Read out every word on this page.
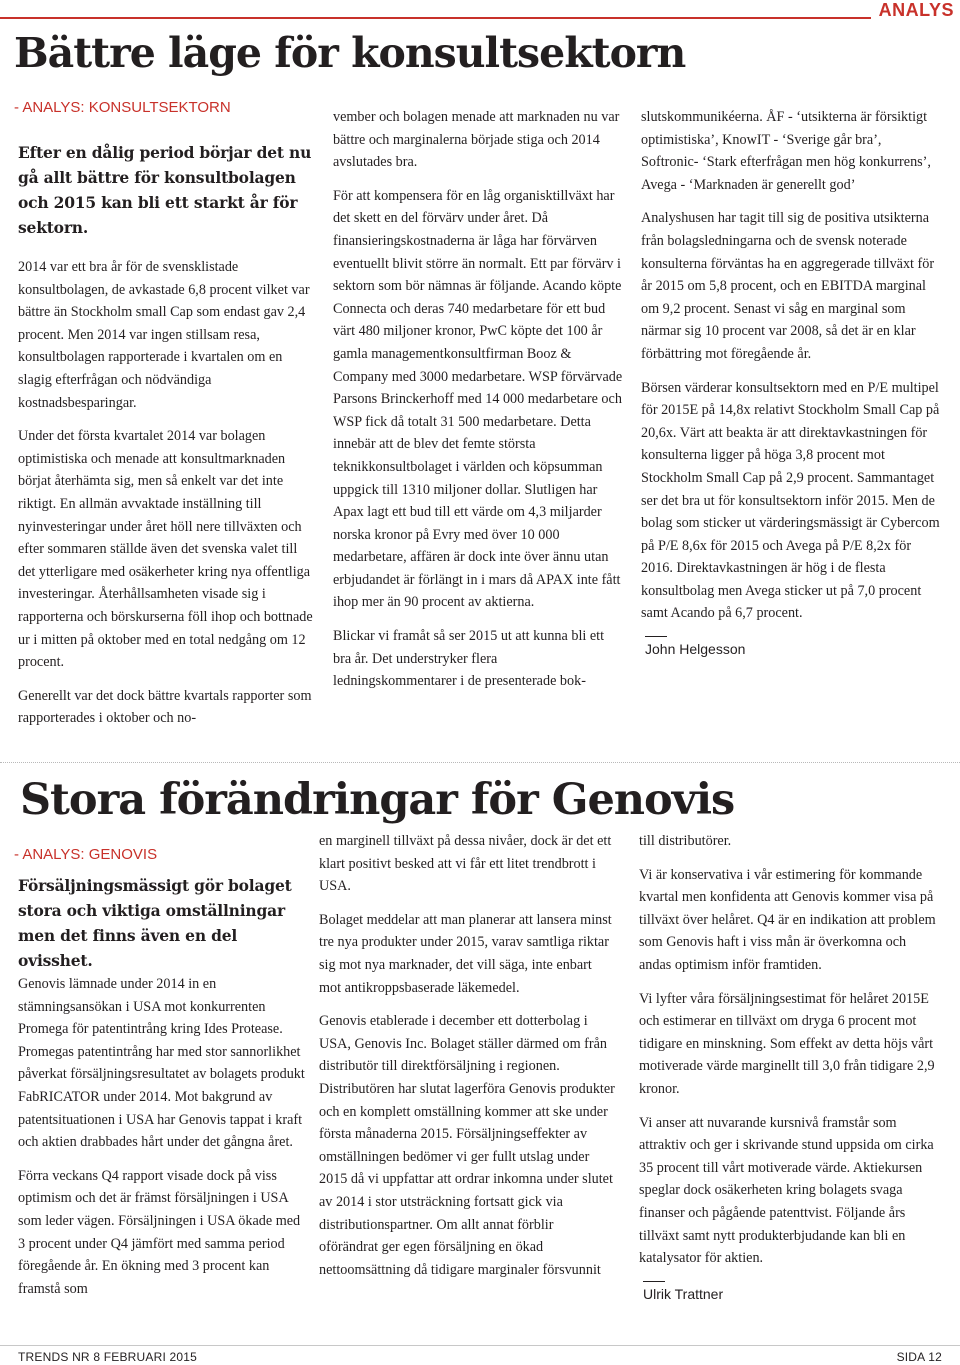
ANALYS
Bättre läge för konsultsektorn

- ANALYS: KONSULTSEKTORN

Efter en dålig period börjar det nu gå allt bättre för konsultbolagen och 2015 kan bli ett starkt år för sektorn.

2014 var ett bra år för de svensklistade konsultbolagen, de avkastade 6,8 procent vilket var bättre än Stockholm small Cap som endast gav 2,4 procent. Men 2014 var ingen stillsam resa, konsultbolagen rapporterade i kvartalen om en slagig efterfrågan och nödvändiga kostnadsbesparingar.

Under det första kvartalet 2014 var bolagen optimistiska och menade att konsultmarknaden börjat återhämta sig, men så enkelt var det inte riktigt. En allmän avvaktade inställning till nyinvesteringar under året höll nere tillväxten och efter sommaren ställde även det svenska valet till det ytterligare med osäkerheter kring nya offentliga investeringar. Återhållsamheten visade sig i rapporterna och börskurserna föll ihop och bottnade ur i mitten på oktober med en total nedgång om 12 procent.

Generellt var det dock bättre kvartals rapporter som rapporterades i oktober och no-

vember och bolagen menade att marknaden nu var bättre och marginalerna började stiga och 2014 avslutades bra.

För att kompensera för en låg organisktillväxt har det skett en del förvärv under året. Då finansieringskostnaderna är låga har förvärven eventuellt blivit större än normalt. Ett par förvärv i sektorn som bör nämnas är följande. Acando köpte Connecta och deras 740 medarbetare för ett bud värt 480 miljoner kronor, PwC köpte det 100 år gamla managementkonsultfirman Booz & Company med 3000 medarbetare. WSP förvärvade Parsons Brinckerhoff med 14 000 medarbetare och WSP fick då totalt 31 500 medarbetare. Detta innebär att de blev det femte största teknikkonsultbolaget i världen och köpsumman uppgick till 1310 miljoner dollar. Slutligen har Apax lagt ett bud till ett värde om 4,3 miljarder norska kronor på Evry med över 10 000 medarbetare, affären är dock inte över ännu utan erbjudandet är förlängt in i mars då APAX inte fått ihop mer än 90 procent av aktierna.

Blickar vi framåt så ser 2015 ut att kunna bli ett bra år. Det understryker flera ledningskommentarer i de presenterade bok-

slutskommunikéerna. ÅF - ‘utsikterna är försiktigt optimistiska’, KnowIT - ‘Sverige går bra’, Softronic- ‘Stark efterfrågan men hög konkurrens’, Avega - ‘Marknaden är generellt god’

Analyshusen har tagit till sig de positiva utsikterna från bolagsledningarna och de svensk noterade konsulterna förväntas ha en aggregerade tillväxt för år 2015 om 5,8 procent, och en EBITDA marginal om 9,2 procent. Senast vi såg en marginal som närmar sig 10 procent var 2008, så det är en klar förbättring mot föregående år.

Börsen värderar konsultsektorn med en P/E multipel för 2015E på 14,8x relativt Stockholm Small Cap på 20,6x. Värt att beakta är att direktavkastningen för konsulterna ligger på höga 3,8 procent mot Stockholm Small Cap på 2,9 procent. Sammantaget ser det bra ut för konsultsektorn inför 2015. Men de bolag som sticker ut värderingsmässigt är Cybercom på P/E 8,6x för 2015 och Avega på P/E 8,2x för 2016. Direktavkastningen är hög i de flesta konsultbolag men Avega sticker ut på 7,0 procent samt Acando på 6,7 procent.

John Helgesson

Stora förändringar för Genovis

- ANALYS: GENOVIS

Försäljningsmässigt gör bolaget stora och viktiga omställningar men det finns även en del ovisshet.

Genovis lämnade under 2014 in en stämningsansökan i USA mot konkurrenten Promega för patentintrång kring Ides Protease. Promegas patentintrång har med stor sannorlikhet påverkat försäljningsresultatet av bolagets produkt FabRICATOR under 2014. Mot bakgrund av patentsituationen i USA har Genovis tappat i kraft och aktien drabbades hårt under det gångna året.

Förra veckans Q4 rapport visade dock på viss optimism och det är främst försäljningen i USA som leder vägen. Försäljningen i USA ökade med 3 procent under Q4 jämfört med samma period föregående år. En ökning med 3 procent kan framstå som

en marginell tillväxt på dessa nivåer, dock är det ett klart positivt besked att vi får ett litet trendbrott i USA.

Bolaget meddelar att man planerar att lansera minst tre nya produkter under 2015, varav samtliga riktar sig mot nya marknader, det vill säga, inte enbart mot antikroppsbaserade läkemedel.

Genovis etablerade i december ett dotterbolag i USA, Genovis Inc. Bolaget ställer därmed om från distributör till direktförsäljning i regionen. Distributören har slutat lagerföra Genovis produkter och en komplett omställning kommer att ske under första månaderna 2015. Försäljningseffekter av omställningen bedömer vi ger fullt utslag under 2015 då vi uppfattar att ordrar inkomna under slutet av 2014 i stor utsträckning fortsatt gick via distributionspartner. Om allt annat förblir oförändrat ger egen försäljning en ökad nettoomsättning då tidigare marginaler försvunnit

till distributörer.

Vi är konservativa i vår estimering för kommande kvartal men konfidenta att Genovis kommer visa på tillväxt över helåret. Q4 är en indikation att problem som Genovis haft i viss mån är överkomna och andas optimism inför framtiden.

Vi lyfter våra försäljningsestimat för helåret 2015E och estimerar en tillväxt om dryga 6 procent mot tidigare en minskning. Som effekt av detta höjs vårt motiverade värde marginellt till 3,0 från tidigare 2,9 kronor.

Vi anser att nuvarande kursnivå framstår som attraktiv och ger i skrivande stund uppsida om cirka 35 procent till vårt motiverade värde. Aktiekursen speglar dock osäkerheten kring bolagets svaga finanser och pågående patenttvist. Följande års tillväxt samt nytt produkterbjudande kan bli en katalysator för aktien.

Ulrik Trattner

TRENDS NR 8 FEBRUARI 2015	SIDA 12
